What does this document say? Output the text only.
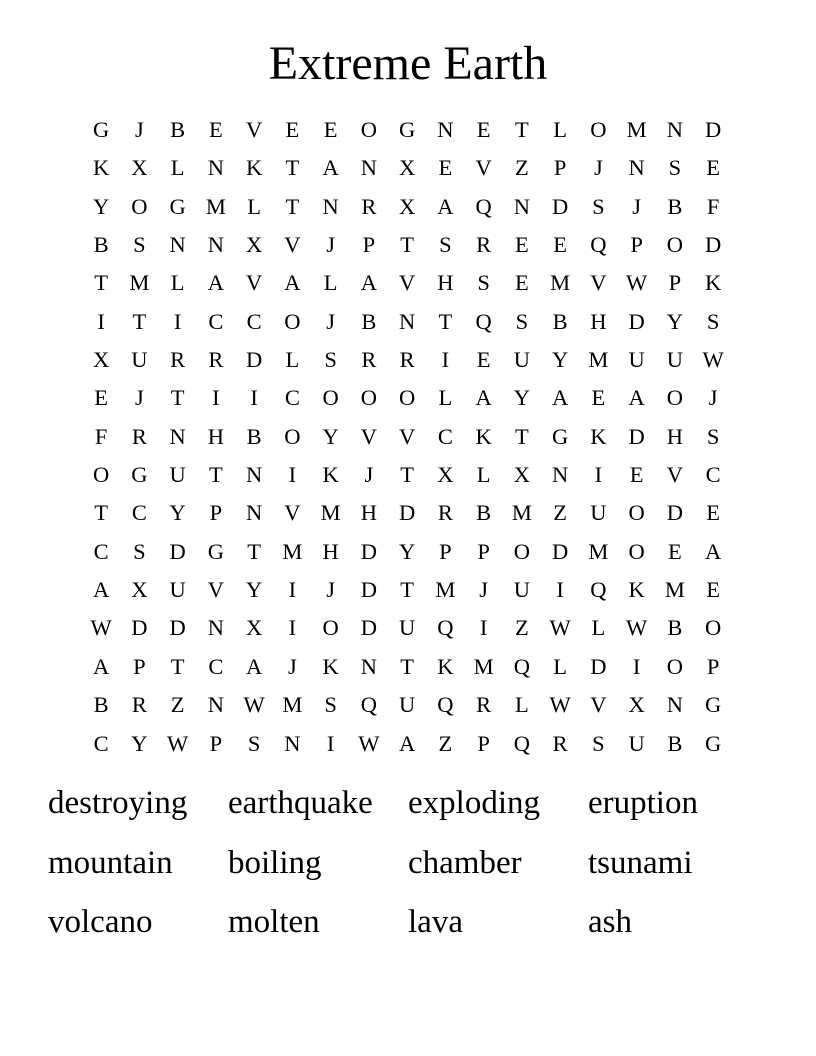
Extreme Earth
G	J	B	E	V	E	E	O G N	E	T	L	O M N D
K X	L	N K	T	A N X	E	V	Z	P	J	N	S	E
Y O G M L	T	N	R	X A Q N D	S	J	B	F
B	S	N N X V	J	P	T	S	R	E	E	Q	P	O D
T M L	A V A	L	A V H	S	E M V W P	K
I	T	I	C	C	O	J	B	N	T	Q	S	B	H D Y	S
X U	R	R	D	L	S	R	R	I	E	U Y M U U W
E	J	T	I	I	C	O O O	L	A Y A	E	A O	J
F	R	N H	B	O Y V V	C	K	T	G K D H	S
O G U	T	N	I	K	J	T	X	L	X N	I	E	V	C
T	C	Y	P	N V M H D	R	B M Z	U O D	E
C	S	D G	T M H D Y	P	P	O D M O	E	A
A X U V Y	I	J	D	T M	J	U	I	Q K M E
W D D N X	I	O D U Q	I	Z W L W B	O
A	P	T	C	A	J	K N	T	K M Q	L	D	I	O	P
B	R	Z	N W M S	Q U Q	R	L W V X N G
C	Y W P	S	N	I	W A	Z	P	Q	R	S	U	B	G
destroying	earthquake	exploding	eruption
mountain	boiling	chamber	tsunami
volcano	molten	lava	ash
